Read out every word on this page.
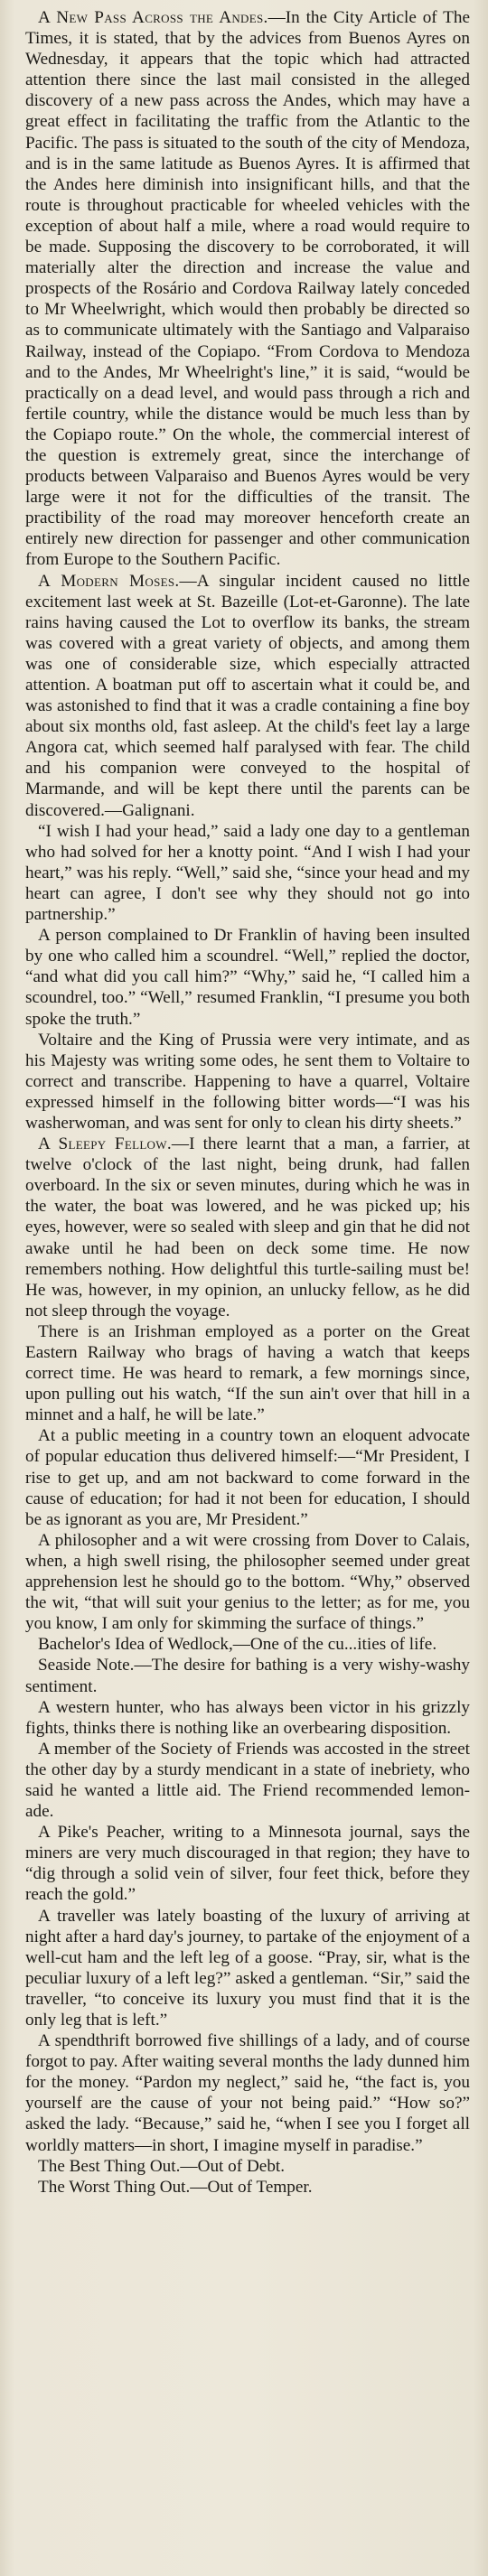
A New Pass Across the Andes.—In the City Article of The Times, it is stated, that by the advices from Buenos Ayres on Wednesday, it appears that the topic which had attracted attention there since the last mail consisted in the alleged discovery of a new pass across the Andes, which may have a great effect in facilitating the traffic from the Atlantic to the Pacific. The pass is situated to the south of the city of Mendoza, and is in the same latitude as Buenos Ayres. It is affirmed that the Andes here diminish into insignificant hills, and that the route is throughout practicable for wheeled vehicles with the exception of about half a mile, where a road would require to be made. Supposing the discovery to be corroborated, it will materially alter the direction and increase the value and prospects of the Rosário and Cordova Railway lately conceded to Mr Wheelwright, which would then probably be directed so as to communicate ultimately with the Santiago and Valparaiso Railway, instead of the Copiapo. “From Cordova to Mendoza and to the Andes, Mr Wheelright's line,” it is said, “would be practically on a dead level, and would pass through a rich and fertile country, while the distance would be much less than by the Copiapo route.” On the whole, the commercial interest of the question is extremely great, since the interchange of products between Valparaiso and Buenos Ayres would be very large were it not for the difficulties of the transit. The practibility of the road may moreover henceforth create an entirely new direction for passenger and other communication from Europe to the Southern Pacific.

A Modern Moses.—A singular incident caused no little excitement last week at St. Bazeille (Lot-et-Garonne). The late rains having caused the Lot to overflow its banks, the stream was covered with a great variety of objects, and among them was one of considerable size, which especially attracted attention. A boatman put off to ascertain what it could be, and was astonished to find that it was a cradle containing a fine boy about six months old, fast asleep. At the child's feet lay a large Angora cat, which seemed half paralysed with fear. The child and his companion were conveyed to the hospital of Marmande, and will be kept there until the parents can be discovered.—Galignani.

“I wish I had your head,” said a lady one day to a gentleman who had solved for her a knotty point. “And I wish I had your heart,” was his reply. “Well,” said she, “since your head and my heart can agree, I don't see why they should not go into partnership.”

A person complained to Dr Franklin of having been insulted by one who called him a scoundrel. “Well,” replied the doctor, “and what did you call him?” “Why,” said he, “I called him a scoundrel, too.” “Well,” resumed Franklin, “I presume you both spoke the truth.”

Voltaire and the King of Prussia were very intimate, and as his Majesty was writing some odes, he sent them to Voltaire to correct and transcribe. Happening to have a quarrel, Voltaire expressed himself in the following bitter words—“I was his washerwoman, and was sent for only to clean his dirty sheets.”

A Sleepy Fellow.—I there learnt that a man, a farrier, at twelve o'clock of the last night, being drunk, had fallen overboard. In the six or seven minutes, during which he was in the water, the boat was lowered, and he was picked up; his eyes, however, were so sealed with sleep and gin that he did not awake until he had been on deck some time. He now remembers nothing. How delightful this turtle-sailing must be! He was, however, in my opinion, an unlucky fellow, as he did not sleep through the voyage.

There is an Irishman employed as a porter on the Great Eastern Railway who brags of having a watch that keeps correct time. He was heard to remark, a few mornings since, upon pulling out his watch, “If the sun ain't over that hill in a minnet and a half, he will be late.”

At a public meeting in a country town an eloquent advocate of popular education thus delivered himself:—“Mr President, I rise to get up, and am not backward to come forward in the cause of education; for had it not been for education, I should be as ignorant as you are, Mr President.”

A philosopher and a wit were crossing from Dover to Calais, when, a high swell rising, the philosopher seemed under great apprehension lest he should go to the bottom. “Why,” observed the wit, “that will suit your genius to the letter; as for me, you you know, I am only for skimming the surface of things.”

Bachelor's Idea of Wedlock,—One of the cu...ities of life.

Seaside Note.—The desire for bathing is a very wishy-washy sentiment.

A western hunter, who has always been victor in his grizzly fights, thinks there is nothing like an overbearing disposition.

A member of the Society of Friends was accosted in the street the other day by a sturdy mendicant in a state of inebriety, who said he wanted a little aid. The Friend recommended lemon-ade.

A Pike's Peacher, writing to a Minnesota journal, says the miners are very much discouraged in that region; they have to “dig through a solid vein of silver, four feet thick, before they reach the gold.”

A traveller was lately boasting of the luxury of arriving at night after a hard day's journey, to partake of the enjoyment of a well-cut ham and the left leg of a goose. “Pray, sir, what is the peculiar luxury of a left leg?” asked a gentleman. “Sir,” said the traveller, “to conceive its luxury you must find that it is the only leg that is left.”

A spendthrift borrowed five shillings of a lady, and of course forgot to pay. After waiting several months the lady dunned him for the money. “Pardon my neglect,” said he, “the fact is, you yourself are the cause of your not being paid.” “How so?” asked the lady. “Because,” said he, “when I see you I forget all worldly matters—in short, I imagine myself in paradise.”

The Best Thing Out.—Out of Debt.

The Worst Thing Out.—Out of Temper.
